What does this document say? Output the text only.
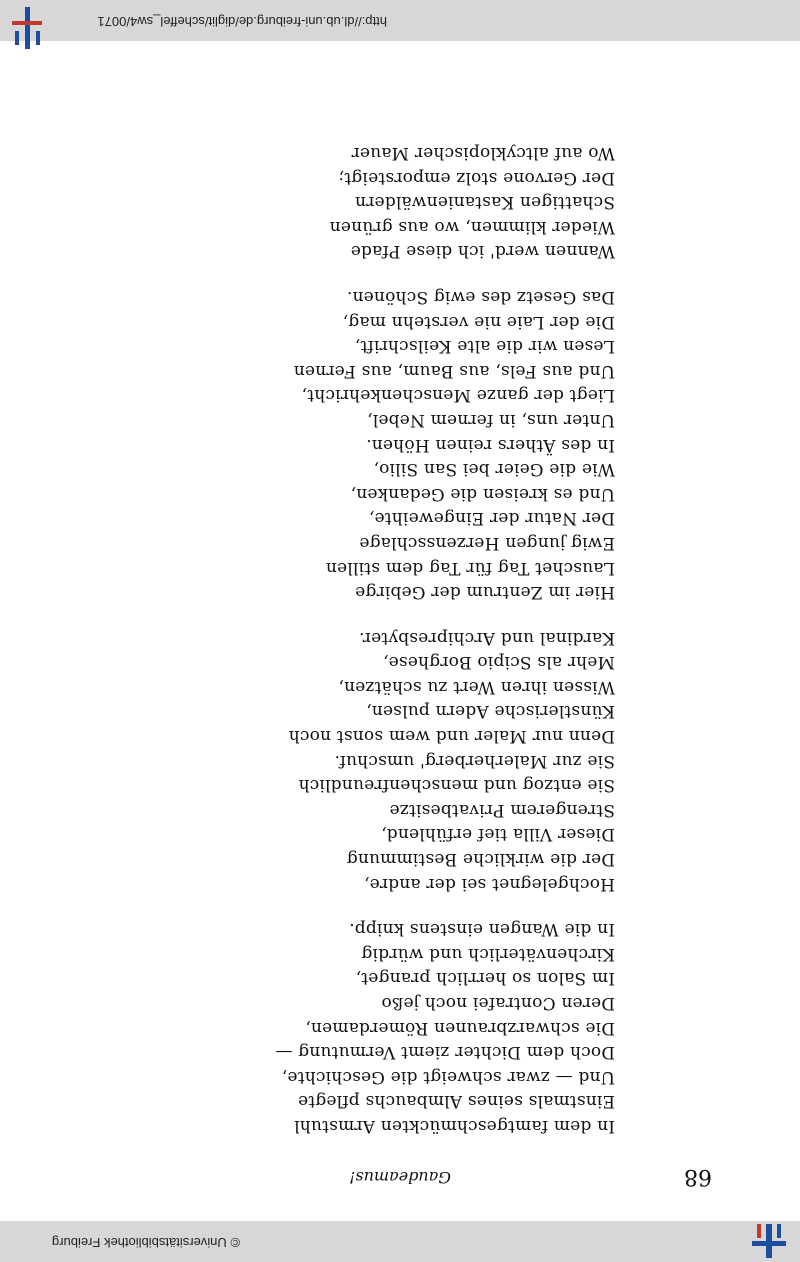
© Universitätsbibliothek Freiburg
68
Gaudeamus!
In dem famtgeschmückten Armstuhl
Einstmals seines Almbauchs pflegte
Und — zwar schweigt die Geschichte,
Doch dem Dichter ziemt Vermutung —
Die schwarzbraunen Römerdamen,
Deren Contrafei noch jeßo
Im Salon so herrlich pranget,
Kirchenväterlich und würdig
In die Wangen einstens knipp.
Hochgelegnet sei der andre,
Der die wirkliche Bestimmung
Dieser Villa tief erfühlend,
Strengerem Privatbesitze
Sie entzog und menschenfreundlich
Sie zur Malerherberg' umschuf.
Denn nur Maler und wem sonst noch
Künstlerische Adern pulsen,
Wissen ihren Wert zu schätzen,
Mehr als Scipio Borghese,
Kardinal und Archipresbyter.
Hier im Zentrum der Gebirge
Lauschet Tag für Tag dem stillen
Ewig jungen Herzensschlage
Der Natur der Eingeweihte,
Und es kreisen die Gedanken,
Wie die Geier bei San Silio,
In des Äthers reinen Höhen.
Unter uns, in fernem Nebel,
Liegt der ganze Menschenkehricht,
Und aus Fels, aus Baum, aus Fernen
Lesen wir die alte Keilschrift,
Die der Laie nie verstehn mag,
Das Gesetz des ewig Schönen.
Wannen werd' ich diese Pfade
Wieder klimmen, wo aus grünen
Schattigen Kastanienwäldern
Der Gervone stolz emporsteigt;
Wo auf altcyklopischer Mauer
http://dl.ub.uni-freiburg.de/diglit/scheffel_sw4/0071
